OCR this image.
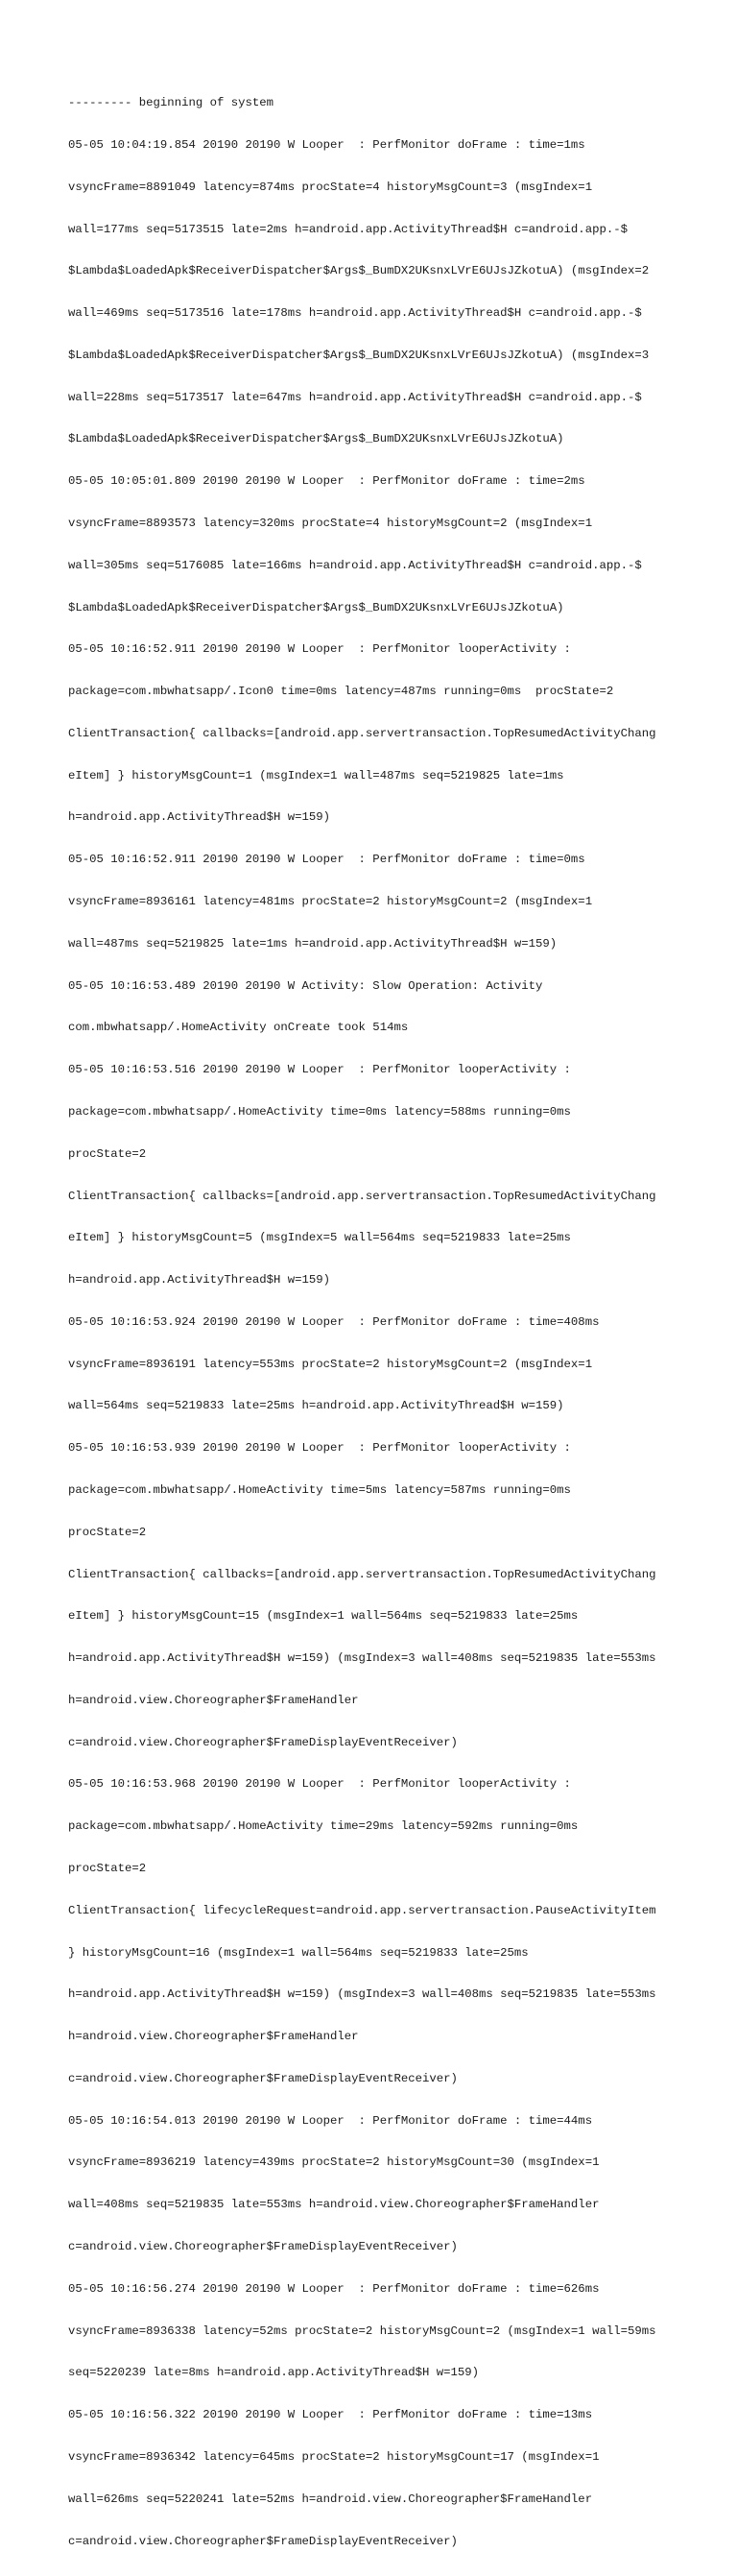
--------- beginning of system

05-05 10:04:19.854 20190 20190 W Looper  : PerfMonitor doFrame : time=1ms

vsyncFrame=8891049 latency=874ms procState=4 historyMsgCount=3 (msgIndex=1

wall=177ms seq=5173515 late=2ms h=android.app.ActivityThread$H c=android.app.-$

$Lambda$LoadedApk$ReceiverDispatcher$Args$_BumDX2UKsnxLVrE6UJsJZkotuA) (msgIndex=2

wall=469ms seq=5173516 late=178ms h=android.app.ActivityThread$H c=android.app.-$

$Lambda$LoadedApk$ReceiverDispatcher$Args$_BumDX2UKsnxLVrE6UJsJZkotuA) (msgIndex=3

wall=228ms seq=5173517 late=647ms h=android.app.ActivityThread$H c=android.app.-$

$Lambda$LoadedApk$ReceiverDispatcher$Args$_BumDX2UKsnxLVrE6UJsJZkotuA)

05-05 10:05:01.809 20190 20190 W Looper  : PerfMonitor doFrame : time=2ms

vsyncFrame=8893573 latency=320ms procState=4 historyMsgCount=2 (msgIndex=1

wall=305ms seq=5176085 late=166ms h=android.app.ActivityThread$H c=android.app.-$

$Lambda$LoadedApk$ReceiverDispatcher$Args$_BumDX2UKsnxLVrE6UJsJZkotuA)

05-05 10:16:52.911 20190 20190 W Looper  : PerfMonitor looperActivity :

package=com.mbwhatsapp/.Icon0 time=0ms latency=487ms running=0ms  procState=2

ClientTransaction{ callbacks=[android.app.servertransaction.TopResumedActivityChang

eItem] } historyMsgCount=1 (msgIndex=1 wall=487ms seq=5219825 late=1ms

h=android.app.ActivityThread$H w=159)

05-05 10:16:52.911 20190 20190 W Looper  : PerfMonitor doFrame : time=0ms

vsyncFrame=8936161 latency=481ms procState=2 historyMsgCount=2 (msgIndex=1

wall=487ms seq=5219825 late=1ms h=android.app.ActivityThread$H w=159)

05-05 10:16:53.489 20190 20190 W Activity: Slow Operation: Activity

com.mbwhatsapp/.HomeActivity onCreate took 514ms

05-05 10:16:53.516 20190 20190 W Looper  : PerfMonitor looperActivity :

package=com.mbwhatsapp/.HomeActivity time=0ms latency=588ms running=0ms

procState=2

ClientTransaction{ callbacks=[android.app.servertransaction.TopResumedActivityChang

eItem] } historyMsgCount=5 (msgIndex=5 wall=564ms seq=5219833 late=25ms

h=android.app.ActivityThread$H w=159)

05-05 10:16:53.924 20190 20190 W Looper  : PerfMonitor doFrame : time=408ms

vsyncFrame=8936191 latency=553ms procState=2 historyMsgCount=2 (msgIndex=1

wall=564ms seq=5219833 late=25ms h=android.app.ActivityThread$H w=159)

05-05 10:16:53.939 20190 20190 W Looper  : PerfMonitor looperActivity :

package=com.mbwhatsapp/.HomeActivity time=5ms latency=587ms running=0ms

procState=2

ClientTransaction{ callbacks=[android.app.servertransaction.TopResumedActivityChang

eItem] } historyMsgCount=15 (msgIndex=1 wall=564ms seq=5219833 late=25ms

h=android.app.ActivityThread$H w=159) (msgIndex=3 wall=408ms seq=5219835 late=553ms

h=android.view.Choreographer$FrameHandler

c=android.view.Choreographer$FrameDisplayEventReceiver)

05-05 10:16:53.968 20190 20190 W Looper  : PerfMonitor looperActivity :

package=com.mbwhatsapp/.HomeActivity time=29ms latency=592ms running=0ms

procState=2

ClientTransaction{ lifecycleRequest=android.app.servertransaction.PauseActivityItem

} historyMsgCount=16 (msgIndex=1 wall=564ms seq=5219833 late=25ms

h=android.app.ActivityThread$H w=159) (msgIndex=3 wall=408ms seq=5219835 late=553ms

h=android.view.Choreographer$FrameHandler

c=android.view.Choreographer$FrameDisplayEventReceiver)

05-05 10:16:54.013 20190 20190 W Looper  : PerfMonitor doFrame : time=44ms

vsyncFrame=8936219 latency=439ms procState=2 historyMsgCount=30 (msgIndex=1

wall=408ms seq=5219835 late=553ms h=android.view.Choreographer$FrameHandler

c=android.view.Choreographer$FrameDisplayEventReceiver)

05-05 10:16:56.274 20190 20190 W Looper  : PerfMonitor doFrame : time=626ms

vsyncFrame=8936338 latency=52ms procState=2 historyMsgCount=2 (msgIndex=1 wall=59ms

seq=5220239 late=8ms h=android.app.ActivityThread$H w=159)

05-05 10:16:56.322 20190 20190 W Looper  : PerfMonitor doFrame : time=13ms

vsyncFrame=8936342 latency=645ms procState=2 historyMsgCount=17 (msgIndex=1

wall=626ms seq=5220241 late=52ms h=android.view.Choreographer$FrameHandler

c=android.view.Choreographer$FrameDisplayEventReceiver)
